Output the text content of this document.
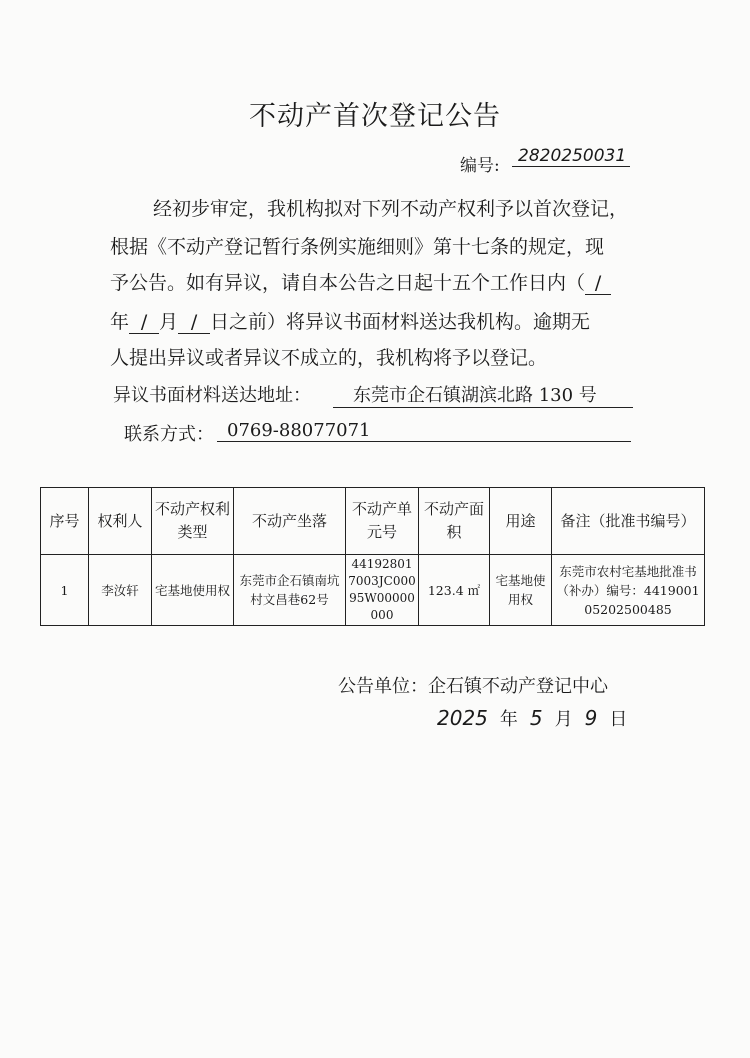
不动产首次登记公告
编号:	2820250031
经初步审定，我机构拟对下列不动产权利予以首次登记，
根据《不动产登记暂行条例实施细则》第十七条的规定，现
予公告。如有异议，请自本公告之日起十五个工作日内（ /
年 / 月 / 日之前）将异议书面材料送达我机构。逾期无
人提出异议或者异议不成立的，我机构将予以登记。
异议书面材料送达地址：	东莞市企石镇湖滨北路 130 号
联系方式： 0769-88077071
序号	权利人	不动产权利类型	不动产坐落	不动产单元号	不动产面积	用途	备注（批准书编号）
1	李汝轩	宅基地使用权	东莞市企石镇南坑村文昌巷62号	441928017003JC00095W00000000	123.4 ㎡	宅基地使用权	东莞市农村宅基地批准书（补办）编号：441900105202500485
公告单位：企石镇不动产登记中心
2025 年 5 月 9 日
